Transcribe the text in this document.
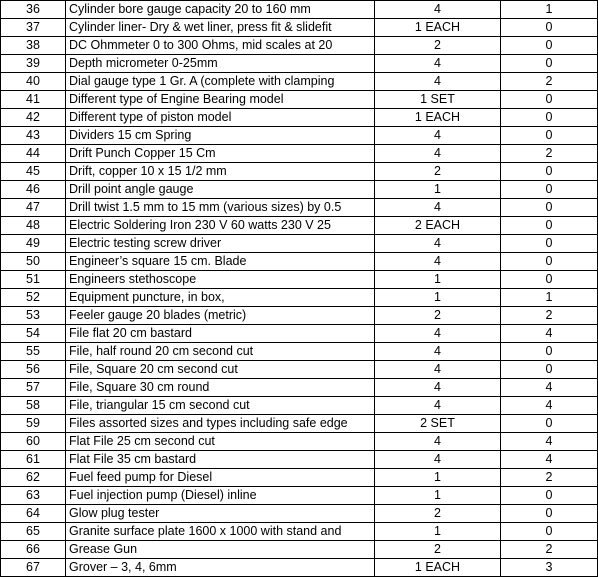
36	Cylinder bore gauge capacity 20 to 160 mm	4	1
37	Cylinder liner- Dry & wet liner, press fit & slidefit	1 EACH	0
38	DC Ohmmeter 0 to 300 Ohms, mid scales at 20	2	0
39	Depth micrometer 0-25mm	4	0
40	Dial gauge type 1 Gr. A (complete with clamping	4	2
41	Different type of Engine Bearing model	1 SET	0
42	Different type of piston model	1 EACH	0
43	Dividers 15 cm Spring	4	0
44	Drift Punch Copper 15 Cm	4	2
45	Drift, copper 10 x 15 1/2 mm	2	0
46	Drill point angle gauge	1	0
47	Drill twist 1.5 mm to 15 mm (various sizes) by 0.5	4	0
48	Electric Soldering Iron 230 V 60 watts 230 V 25	2 EACH	0
49	Electric testing screw driver	4	0
50	Engineer’s square 15 cm. Blade	4	0
51	Engineers stethoscope	1	0
52	Equipment puncture, in box,	1	1
53	Feeler gauge 20 blades (metric)	2	2
54	File flat 20 cm bastard	4	4
55	File, half round 20 cm second cut	4	0
56	File, Square 20 cm second cut	4	0
57	File, Square 30 cm round	4	4
58	File, triangular 15 cm second cut	4	4
59	Files assorted sizes and types including safe edge	2 SET	0
60	Flat File 25 cm second cut	4	4
61	Flat File 35 cm bastard	4	4
62	Fuel feed pump for Diesel	1	2
63	Fuel injection pump (Diesel) inline	1	0
64	Glow plug tester	2	0
65	Granite surface plate 1600 x 1000 with stand and	1	0
66	Grease Gun	2	2
67	Grover – 3, 4, 6mm	1 EACH	3
